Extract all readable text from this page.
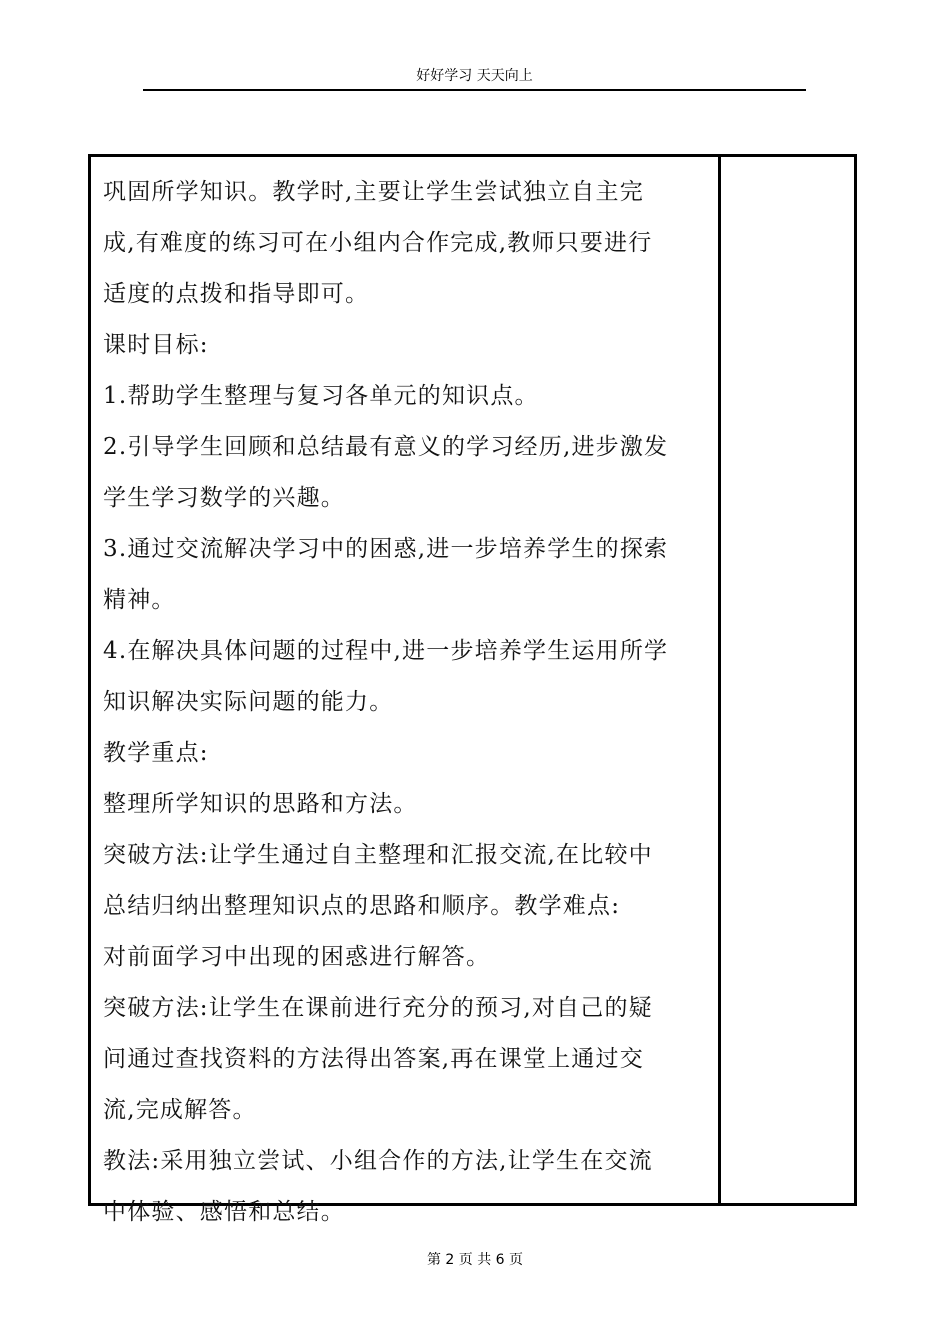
好好学习 天天向上

巩固所学知识。教学时,主要让学生尝试独立自主完

成,有难度的练习可在小组内合作完成,教师只要进行

适度的点拨和指导即可。

课时目标:

1.帮助学生整理与复习各单元的知识点。

2.引导学生回顾和总结最有意义的学习经历,进步激发

学生学习数学的兴趣。

3.通过交流解决学习中的困惑,进一步培养学生的探索

精神。

4.在解决具体问题的过程中,进一步培养学生运用所学

知识解决实际问题的能力。

教学重点:

整理所学知识的思路和方法。

突破方法:让学生通过自主整理和汇报交流,在比较中

总结归纳出整理知识点的思路和顺序。教学难点:

对前面学习中出现的困惑进行解答。

突破方法:让学生在课前进行充分的预习,对自己的疑

问通过查找资料的方法得出答案,再在课堂上通过交

流,完成解答。

教法:采用独立尝试、小组合作的方法,让学生在交流

中体验、感悟和总结。

第 2 页 共 6 页
